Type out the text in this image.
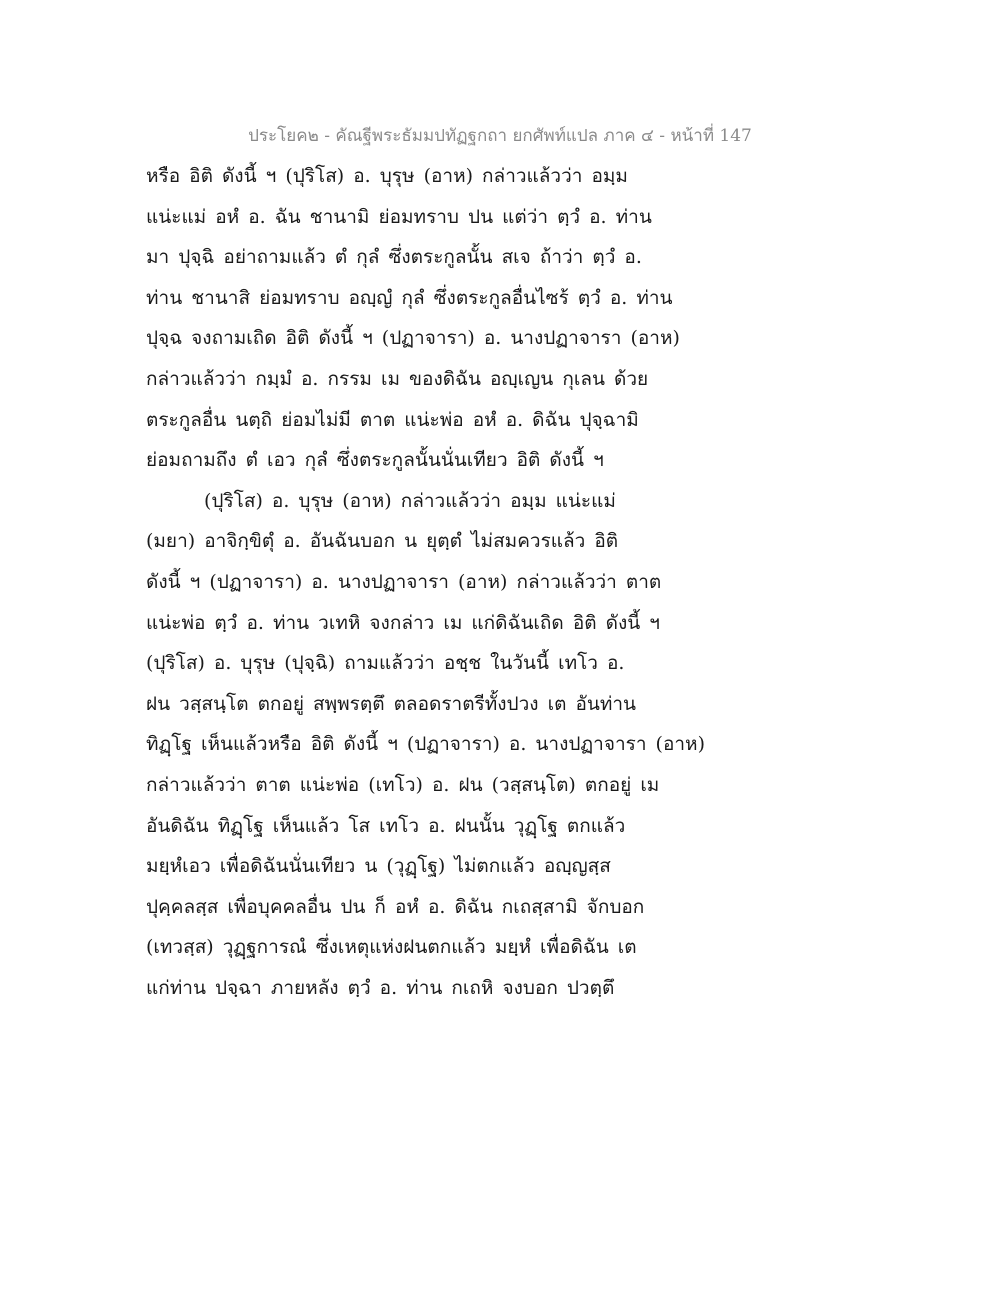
ประโยค๒ - คัณฐีพระธัมมปทัฏฐกถา ยกศัพท์แปล ภาค ๔ - หน้าที่ 147
หรือ อิติ ดังนี้ ฯ (ปุริโส) อ. บุรุษ (อาห) กล่าวแล้วว่า อมฺม
แน่ะแม่ อหํ อ. ฉัน ชานามิ ย่อมทราบ ปน แต่ว่า ตฺวํ อ. ท่าน
มา ปุจฺฉิ อย่าถามแล้ว ตํ กุลํ ซึ่งตระกูลนั้น สเจ ถ้าว่า ตฺวํ อ.
ท่าน ชานาสิ ย่อมทราบ อญฺญํ กุลํ ซึ่งตระกูลอื่นไซร้ ตฺวํ อ. ท่าน
ปุจฺฉ จงถามเถิด อิติ ดังนี้ ฯ (ปฏาจารา) อ. นางปฏาจารา (อาห)
กล่าวแล้วว่า กมฺมํ อ. กรรม เม ของดิฉัน อญฺเญน กุเลน ด้วย
ตระกูลอื่น นตฺถิ ย่อมไม่มี ตาต แน่ะพ่อ อหํ อ. ดิฉัน ปุจฺฉามิ
ย่อมถามถึง ตํ เอว กุลํ ซึ่งตระกูลนั้นนั่นเทียว อิติ ดังนี้ ฯ
(ปุริโส) อ. บุรุษ (อาห) กล่าวแล้วว่า อมฺม แน่ะแม่
(มยา) อาจิกฺขิตุํ อ. อันฉันบอก น ยุตฺตํ ไม่สมควรแล้ว อิติ
ดังนี้ ฯ (ปฏาจารา) อ. นางปฏาจารา (อาห) กล่าวแล้วว่า ตาต
แน่ะพ่อ ตฺวํ อ. ท่าน วเทหิ จงกล่าว เม แก่ดิฉันเถิด อิติ ดังนี้ ฯ
(ปุริโส) อ. บุรุษ (ปุจฺฉิ) ถามแล้วว่า อชฺช ในวันนี้ เทโว อ.
ฝน วสฺสนฺโต ตกอยู่ สพฺพรตฺตึ ตลอดราตรีทั้งปวง เต อันท่าน
ทิฏฺโฐ เห็นแล้วหรือ อิติ ดังนี้ ฯ (ปฏาจารา) อ. นางปฏาจารา (อาห)
กล่าวแล้วว่า ตาต แน่ะพ่อ (เทโว) อ. ฝน (วสฺสนฺโต) ตกอยู่ เม
อันดิฉัน ทิฏฺโฐ เห็นแล้ว โส เทโว อ. ฝนนั้น วุฏฺโฐ ตกแล้ว
มยฺหํเอว เพื่อดิฉันนั่นเทียว น (วุฏฺโฐ) ไม่ตกแล้ว อญฺญสฺส
ปุคฺคลสฺส เพื่อบุคคลอื่น ปน ก็ อหํ อ. ดิฉัน กเถสฺสามิ จักบอก
(เทวสฺส) วุฏฺฐการณํ ซึ่งเหตุแห่งฝนตกแล้ว มยฺหํ เพื่อดิฉัน เต
แก่ท่าน ปจฺฉา ภายหลัง ตฺวํ อ. ท่าน กเถหิ จงบอก ปวตฺตึ
